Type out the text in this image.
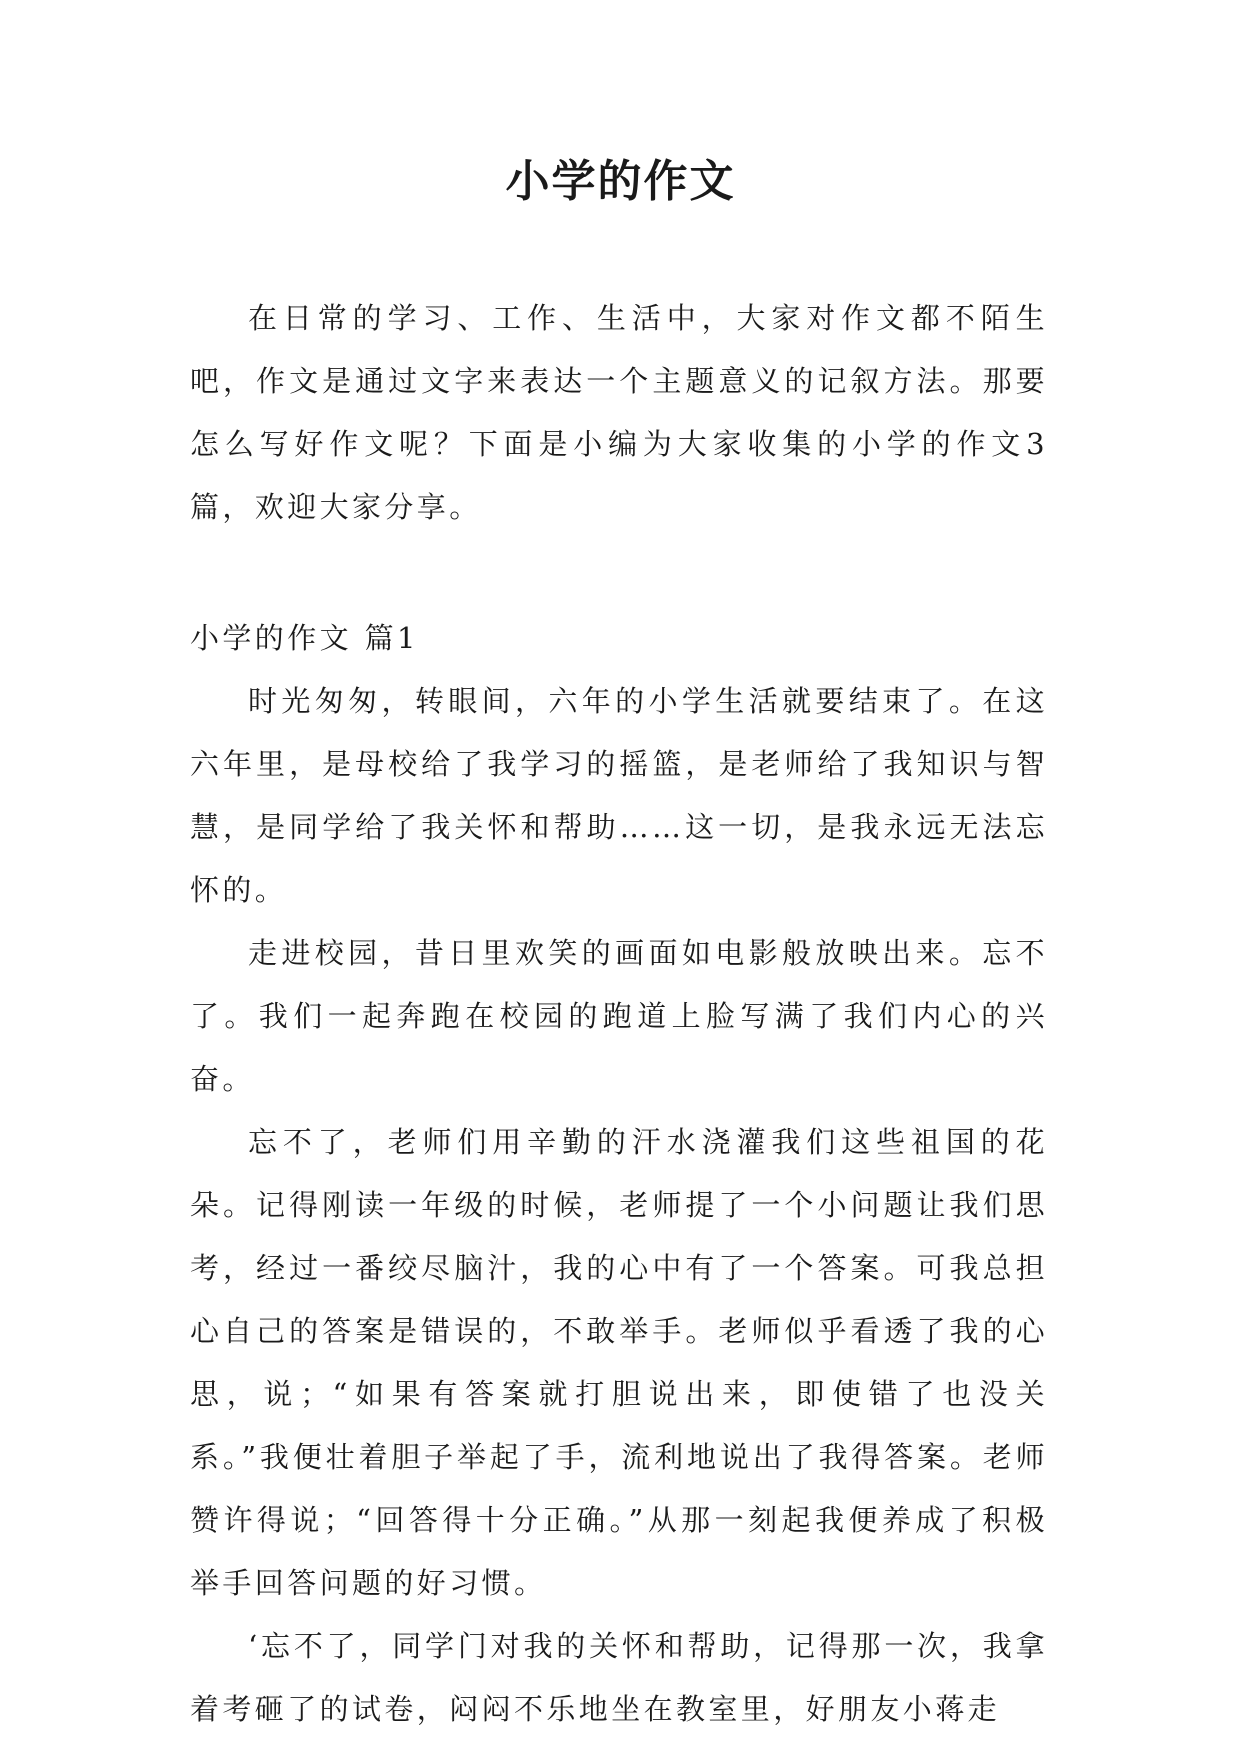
小学的作文

在日常的学习、工作、生活中，大家对作文都不陌生吧，作文是通过文字来表达一个主题意义的记叙方法。那要怎么写好作文呢？下面是小编为大家收集的小学的作文3篇，欢迎大家分享。

小学的作文 篇1

时光匆匆，转眼间，六年的小学生活就要结束了。在这六年里，是母校给了我学习的摇篮，是老师给了我知识与智慧，是同学给了我关怀和帮助……这一切，是我永远无法忘怀的。

走进校园，昔日里欢笑的画面如电影般放映出来。忘不了。我们一起奔跑在校园的跑道上脸写满了我们内心的兴奋。

忘不了，老师们用辛勤的汗水浇灌我们这些祖国的花朵。记得刚读一年级的时候，老师提了一个小问题让我们思考，经过一番绞尽脑汁，我的心中有了一个答案。可我总担心自己的答案是错误的，不敢举手。老师似乎看透了我的心思，说；“如果有答案就打胆说出来，即使错了也没关系。”我便壮着胆子举起了手，流利地说出了我得答案。老师赞许得说；“回答得十分正确。”从那一刻起我便养成了积极举手回答问题的好习惯。

‘忘不了，同学门对我的关怀和帮助，记得那一次，我拿着考砸了的试卷，闷闷不乐地坐在教室里，好朋友小蒋走
